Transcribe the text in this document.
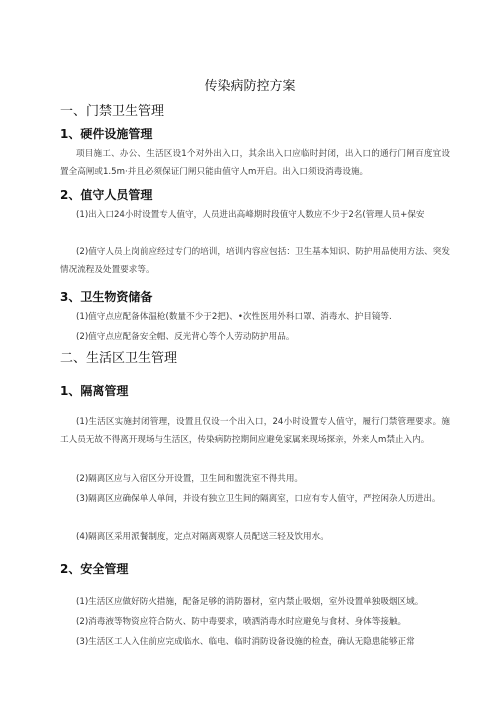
传染病防控方案
一、门禁卫生管理
1、硬件设施管理
项目施工、办公、生活区设1个对外出入口，其余出入口应临时封闭，出入口的通行门闸百度宜设置全高闸或1.5m·并且必须保证门闸只能由值守人m开启。出入口须设消毒设施。
2、值守人员管理
(1)出入口24小时设置专人值守，人员进出高峰期时段值守人数应不少于2名(管理人员+保安
(2)值守人员上岗前应经过专门的培训，培训内容应包括：卫生基本知识、防护用品使用方法、突发情况流程及处置要求等。
3、卫生物资储备
(1)值守点应配备体温枪(数量不少于2把)、•次性医用外科口罩、消毒水、护目镜等.
(2)值守点应配备安全帽、反光背心等个人劳动防护用品。
二、生活区卫生管理
1、隔离管理
(1)生活区实施封闭管理，设置且仅设一个出入口，24小时设置专人值守，履行门禁管理要求。施工人员无故不得离开现场与生活区，传染病防控期间应避免家属来现场探亲，外来人m禁止入内。
(2)隔离区应与入宿区分开设置，卫生间和盥洗室不得共用。
(3)隔离区应确保单人单间，并设有独立卫生间的隔离室，口应有专人值守，严控闲杂人历进出。
(4)隔离区采用派餐制度，定点对隔离观察人员配送三轻及饮用水。
2、安全管理
(1)生活区应做好防火措施，配备足够的消防器材，室内禁止吸烟，室外设置单独吸烟区域。
(2)消毒液等物资应符合防火、防中毒要求，喷洒消毒水时应避免与食材、身体等接触。
(3)生活区工人入住前应完成临水、临电、临时消防设备设施的检查，确认无隐患能够正常
